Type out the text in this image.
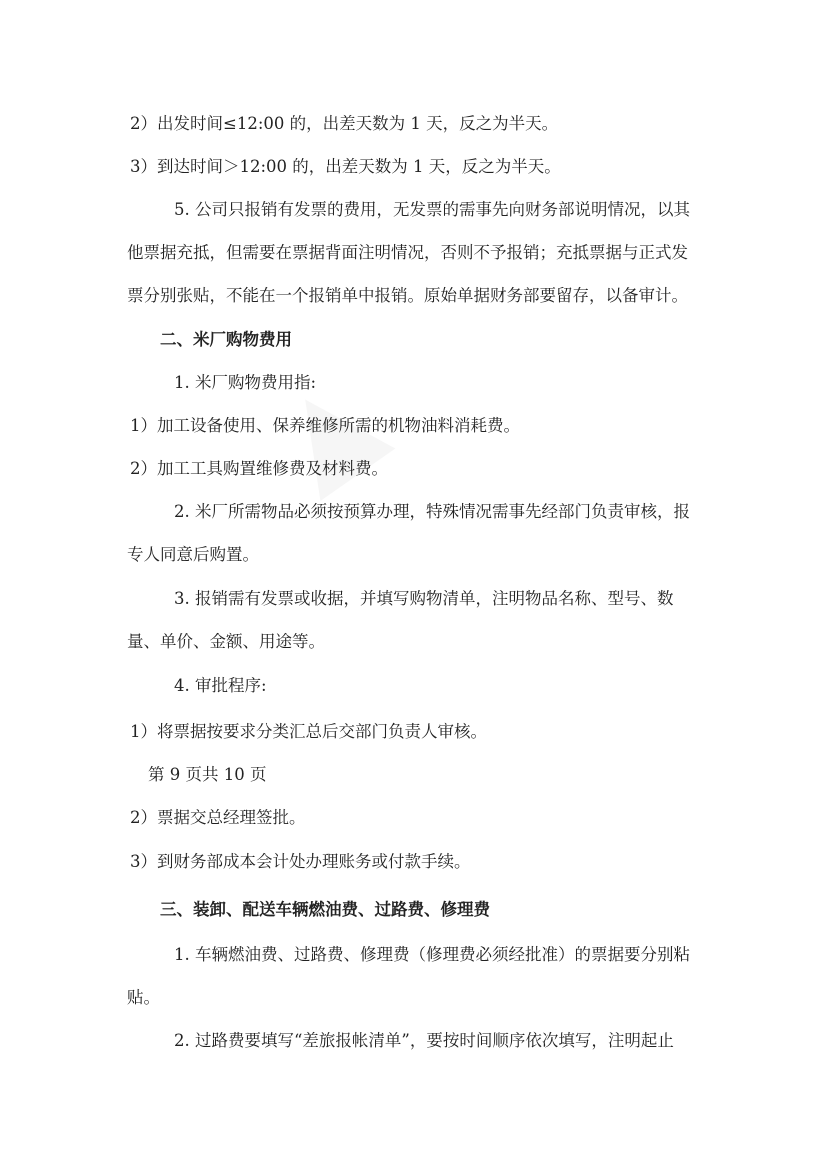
2）出发时间≤12:00 的，出差天数为 1 天，反之为半天。
3）到达时间＞12:00 的，出差天数为 1 天，反之为半天。
5. 公司只报销有发票的费用，无发票的需事先向财务部说明情况，以其
他票据充抵，但需要在票据背面注明情况，否则不予报销；充抵票据与正式发
票分别张贴，不能在一个报销单中报销。原始单据财务部要留存，以备审计。
二、米厂购物费用
1. 米厂购物费用指:
1）加工设备使用、保养维修所需的机物油料消耗费。
2）加工工具购置维修费及材料费。
2. 米厂所需物品必须按预算办理，特殊情况需事先经部门负责审核，报
专人同意后购置。
3. 报销需有发票或收据，并填写购物清单，注明物品名称、型号、数
量、单价、金额、用途等。
4. 审批程序:
1）将票据按要求分类汇总后交部门负责人审核。
第 9 页共 10 页
2）票据交总经理签批。
3）到财务部成本会计处办理账务或付款手续。
三、装卸、配送车辆燃油费、过路费、修理费
1. 车辆燃油费、过路费、修理费（修理费必须经批准）的票据要分别粘
贴。
2. 过路费要填写“差旅报帐清单”，要按时间顺序依次填写，注明起止
